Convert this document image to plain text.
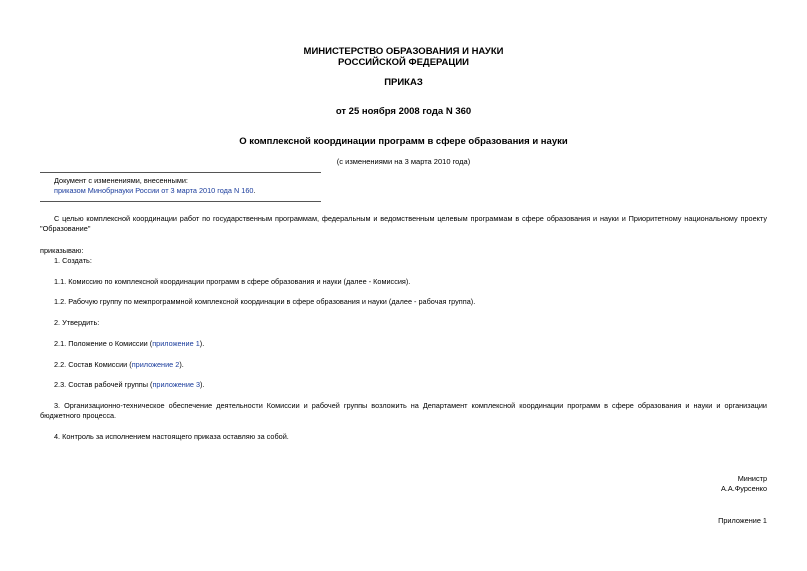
МИНИСТЕРСТВО ОБРАЗОВАНИЯ И НАУКИ
РОССИЙСКОЙ ФЕДЕРАЦИИ
ПРИКАЗ
от 25 ноября 2008 года N 360
О комплексной координации программ в сфере образования и науки
(с изменениями на 3 марта 2010 года)
Документ с изменениями, внесенными:
приказом Минобрнауки России от 3 марта 2010 года N 160.
С целью комплексной координации работ по государственным программам, федеральным и ведомственным целевым программам в сфере образования и науки и Приоритетному национальному проекту "Образование"
приказываю:
1. Создать:
1.1. Комиссию по комплексной координации программ в сфере образования и науки (далее - Комиссия).
1.2. Рабочую группу по межпрограммной комплексной координации в сфере образования и науки (далее - рабочая группа).
2. Утвердить:
2.1. Положение о Комиссии (приложение 1).
2.2. Состав Комиссии (приложение 2).
2.3. Состав рабочей группы (приложение 3).
3. Организационно-техническое обеспечение деятельности Комиссии и рабочей группы возложить на Департамент комплексной координации программ в сфере образования и науки и организации бюджетного процесса.
4. Контроль за исполнением настоящего приказа оставляю за собой.
Министр
А.А.Фурсенко
Приложение 1
